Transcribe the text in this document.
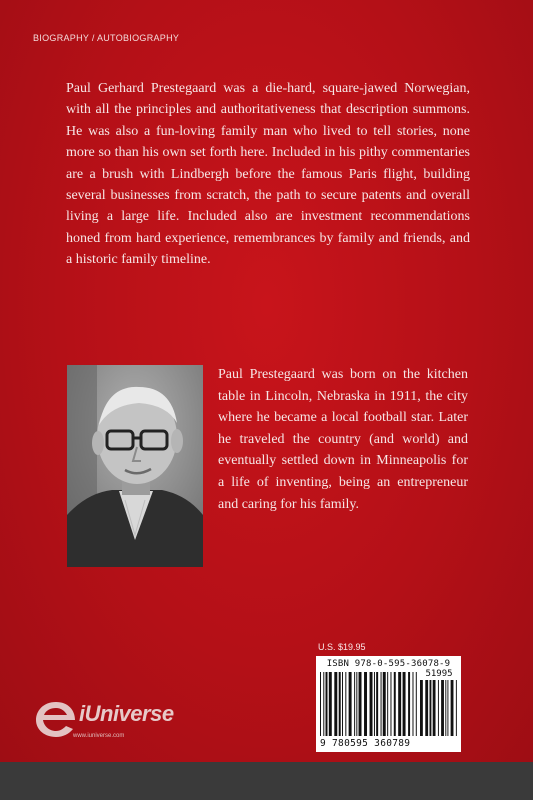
BIOGRAPHY / AUTOBIOGRAPHY

Paul Gerhard Prestegaard was a die-hard, square-jawed Norwegian, with all the principles and authoritativeness that description summons. He was also a fun-loving family man who lived to tell stories, none more so than his own set forth here. Included in his pithy commentaries are a brush with Lindbergh before the famous Paris flight, building several businesses from scratch, the path to secure patents and overall living a large life. Included also are investment recommendations honed from hard experience, remembrances by family and friends, and a historic family timeline.

Paul Prestegaard was born on the kitchen table in Lincoln, Nebraska in 1911, the city where he became a local football star. Later he traveled the country (and world) and eventually settled down in Minneapolis for a life of inventing, being an entrepreneur and caring for his family.

U.S. $19.95
ISBN 978-0-595-36078-9
51995
9 780595 360789
iUniverse
www.iuniverse.com
